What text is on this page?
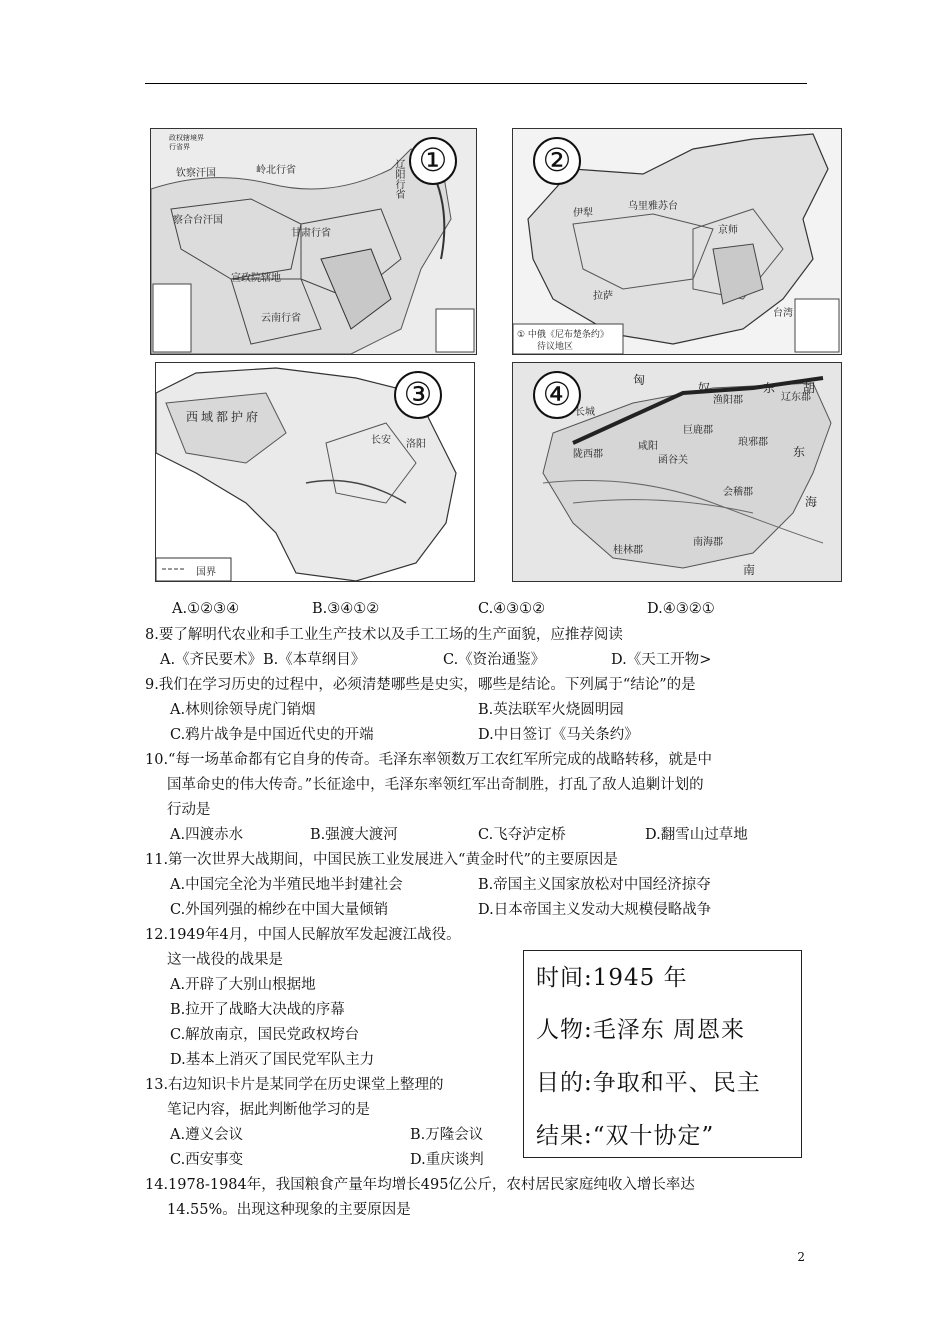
政权辖境界
行省界
钦察汗国	岭北行省
察合台汗国
甘肃行省
宣政院辖地
云南行省
辽阳行省 ①
伊犁
乌里雅苏台
京师
拉萨
台湾
① 中俄《尼布楚条约》
待议地区
②
西域都护府
长安 洛阳
国界
③	匈
奴	东 胡
长城
陇西郡
咸阳
函谷关
巨鹿郡
琅邪郡
会稽郡
南海郡
桂林郡
渔阳郡	辽东郡
东
海
南
④
A.①②③④	B.③④①②	C.④③①②	D.④③②①
8.要了解明代农业和手工业生产技术以及手工工场的生产面貌，应推荐阅读
A.《齐民要术》 B.《本草纲目》	C.《资治通鉴》	D.《天工开物>
9.我们在学习历史的过程中，必须清楚哪些是史实，哪些是结论。下列属于“结论”的是
A.林则徐领导虎门销烟	B.英法联军火烧圆明园
C.鸦片战争是中国近代史的开端	D.中日签订《马关条约》
10.“每一场革命都有它自身的传奇。毛泽东率领数万工农红军所完成的战略转移，就是中
国革命史的伟大传奇。”长征途中，毛泽东率领红军出奇制胜，打乱了敌人追剿计划的
行动是
A.四渡赤水	B.强渡大渡河	C.飞夺泸定桥	D.翻雪山过草地
11.第一次世界大战期间，中国民族工业发展进入“黄金时代”的主要原因是
A.中国完全沦为半殖民地半封建社会	B.帝国主义国家放松对中国经济掠夺
C.外国列强的棉纱在中国大量倾销	D.日本帝国主义发动大规模侵略战争
12.1949年4月，中国人民解放军发起渡江战役。
这一战役的战果是
A.开辟了大别山根据地
B.拉开了战略大决战的序幕
C.解放南京，国民党政权垮台
D.基本上消灭了国民党军队主力
13.右边知识卡片是某同学在历史课堂上整理的
笔记内容，据此判断他学习的是
A.遵义会议	B.万隆会议
C.西安事变	D.重庆谈判
时间:1945 年
人物:毛泽东 周恩来
目的:争取和平、民主
结果:“双十协定”
14.1978-1984年，我国粮食产量年均增长495亿公斤，农村居民家庭纯收入增长率达
14.55%。出现这种现象的主要原因是
2
